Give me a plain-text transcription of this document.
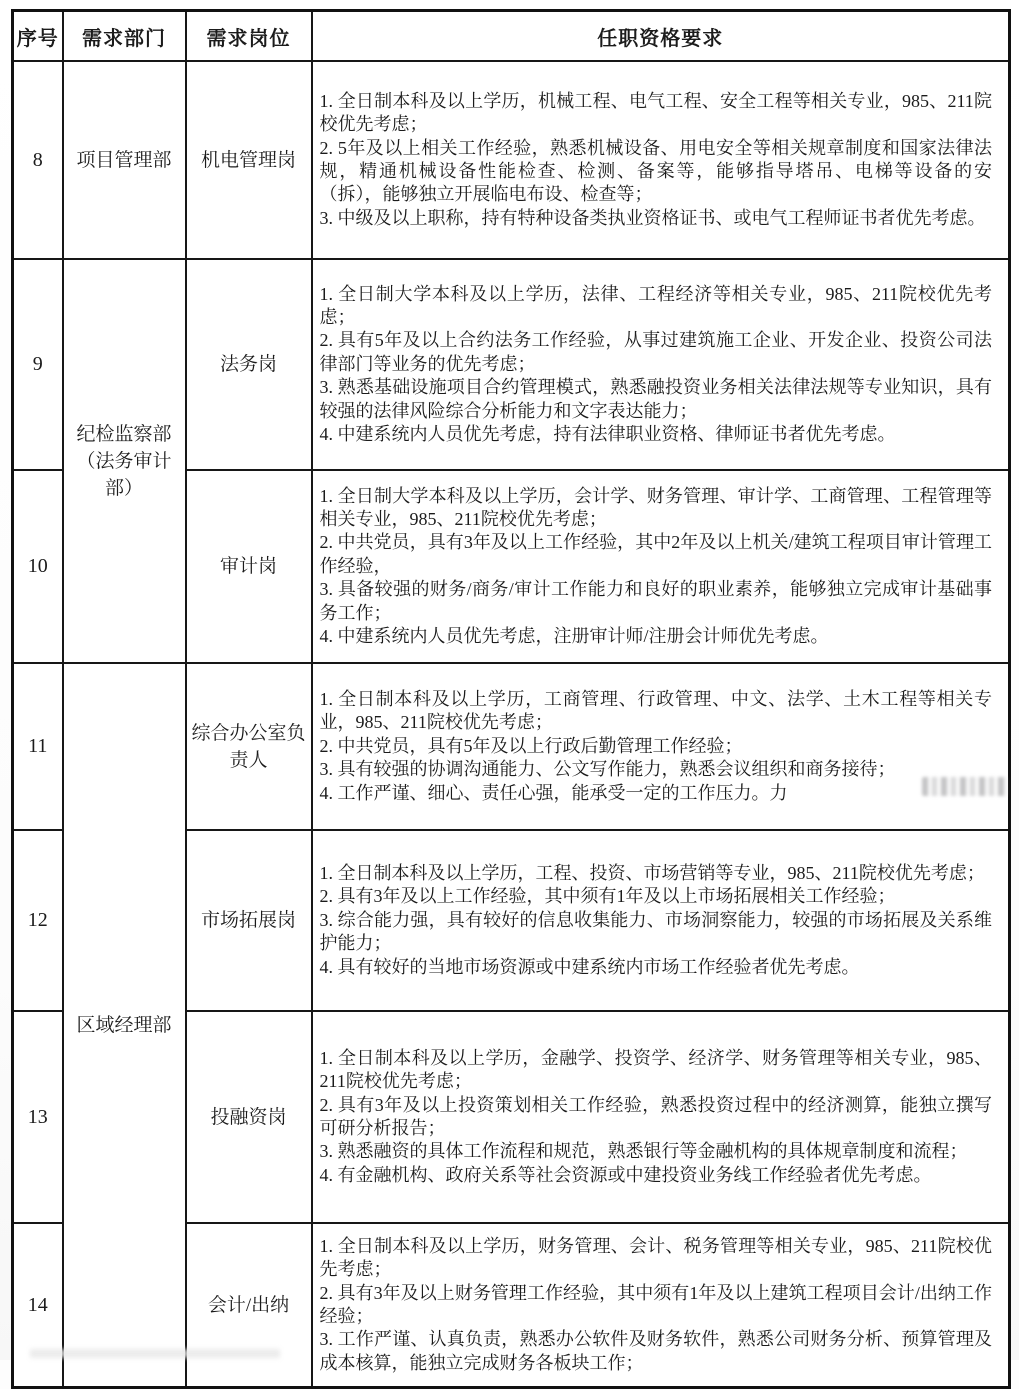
序号	需求部门	需求岗位	任职资格要求
8	项目管理部	机电管理岗	1. 全日制本科及以上学历，机械工程、电气工程、安全工程等相关专业，985、211院校优先考虑；
2. 5年及以上相关工作经验，熟悉机械设备、用电安全等相关规章制度和国家法律法规，精通机械设备性能检查、检测、备案等，能够指导塔吊、电梯等设备的安（拆），能够独立开展临电布设、检查等；
3. 中级及以上职称，持有特种设备类执业资格证书、或电气工程师证书者优先考虑。

9	纪检监察部（法务审计部）	法务岗	1. 全日制大学本科及以上学历，法律、工程经济等相关专业，985、211院校优先考虑；
2. 具有5年及以上合约法务工作经验，从事过建筑施工企业、开发企业、投资公司法律部门等业务的优先考虑；
3. 熟悉基础设施项目合约管理模式，熟悉融投资业务相关法律法规等专业知识，具有较强的法律风险综合分析能力和文字表达能力；
4. 中建系统内人员优先考虑，持有法律职业资格、律师证书者优先考虑。

10		审计岗	1. 全日制大学本科及以上学历，会计学、财务管理、审计学、工商管理、工程管理等相关专业，985、211院校优先考虑；
2. 中共党员，具有3年及以上工作经验，其中2年及以上机关/建筑工程项目审计管理工作经验，
3. 具备较强的财务/商务/审计工作能力和良好的职业素养，能够独立完成审计基础事务工作；
4. 中建系统内人员优先考虑，注册审计师/注册会计师优先考虑。

11	区域经理部	综合办公室负责人	1. 全日制本科及以上学历，工商管理、行政管理、中文、法学、土木工程等相关专业，985、211院校优先考虑；
2. 中共党员，具有5年及以上行政后勤管理工作经验；
3. 具有较强的协调沟通能力、公文写作能力，熟悉会议组织和商务接待；
4. 工作严谨、细心、责任心强，能承受一定的工作压力。力

12		市场拓展岗	1. 全日制本科及以上学历，工程、投资、市场营销等专业，985、211院校优先考虑；
2. 具有3年及以上工作经验，其中须有1年及以上市场拓展相关工作经验；
3. 综合能力强，具有较好的信息收集能力、市场洞察能力，较强的市场拓展及关系维护能力；
4. 具有较好的当地市场资源或中建系统内市场工作经验者优先考虑。

13		投融资岗	1. 全日制本科及以上学历，金融学、投资学、经济学、财务管理等相关专业，985、211院校优先考虑；
2. 具有3年及以上投资策划相关工作经验，熟悉投资过程中的经济测算，能独立撰写可研分析报告；
3. 熟悉融资的具体工作流程和规范，熟悉银行等金融机构的具体规章制度和流程；
4. 有金融机构、政府关系等社会资源或中建投资业务线工作经验者优先考虑。

14		会计/出纳	1. 全日制本科及以上学历，财务管理、会计、税务管理等相关专业，985、211院校优先考虑；
2. 具有3年及以上财务管理工作经验，其中须有1年及以上建筑工程项目会计/出纳工作经验；
3. 工作严谨、认真负责，熟悉办公软件及财务软件，熟悉公司财务分析、预算管理及成本核算，能独立完成财务各板块工作；
